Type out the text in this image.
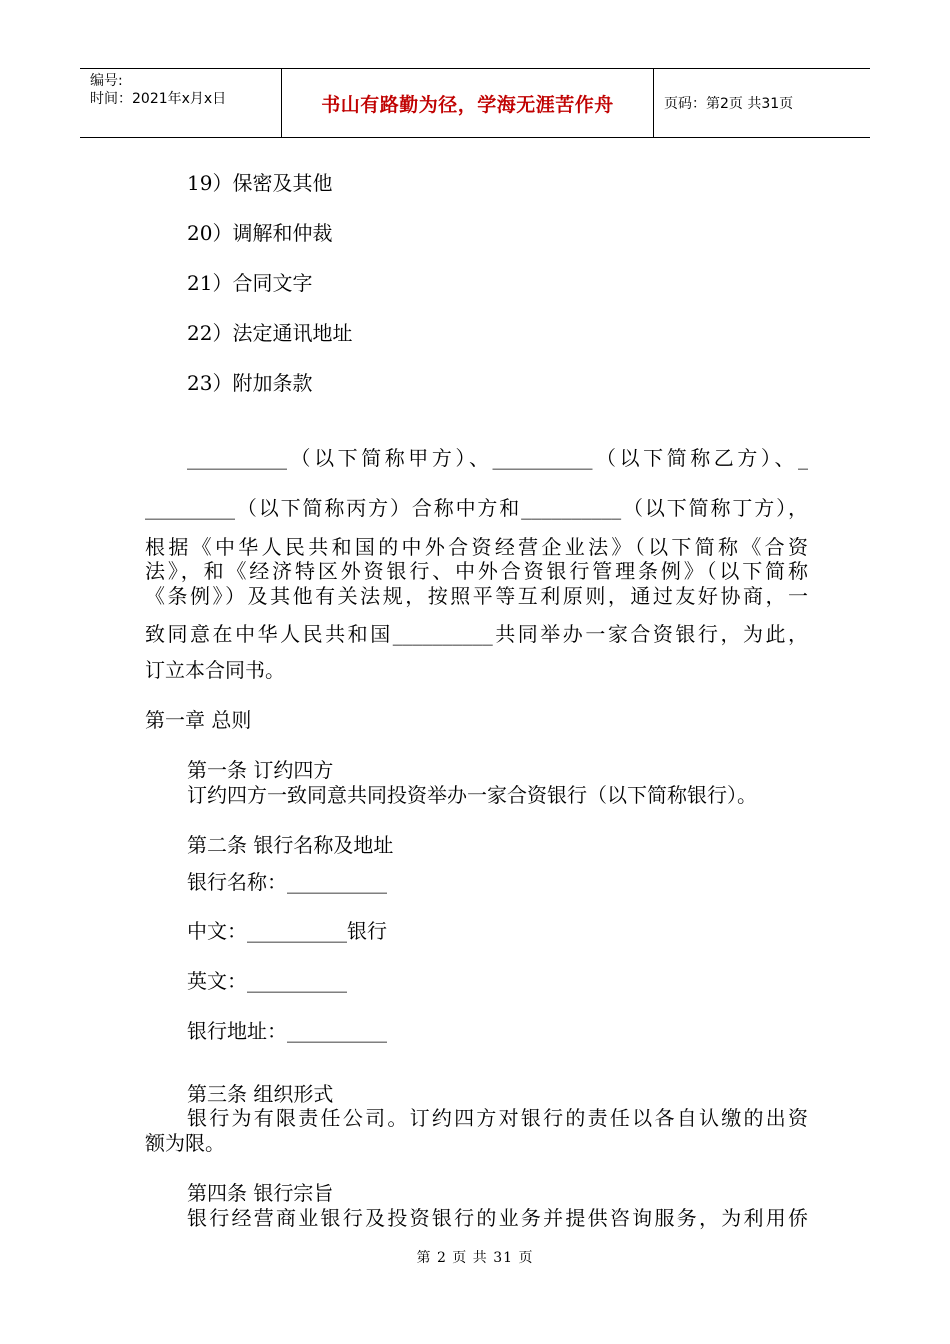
编号:
时间：2021年x月x日	书山有路勤为径，学海无涯苦作舟	页码：第2页 共31页
19）保密及其他
20）调解和仲裁
21）合同文字
22）法定通讯地址
23）附加条款
__________（以下简称甲方）、__________（以下简称乙方）、_
_________（以下简称丙方）合称中方和__________（以下简称丁方），
根据《中华人民共和国的中外合资经营企业法》（以下简称《合资
法》，和《经济特区外资银行、中外合资银行管理条例》（以下简称
《条例》）及其他有关法规，按照平等互利原则，通过友好协商，一
致同意在中华人民共和国__________共同举办一家合资银行，为此，
订立本合同书。
第一章 总则
第一条 订约四方
订约四方一致同意共同投资举办一家合资银行（以下简称银行）。
第二条 银行名称及地址
银行名称：__________
中文：__________银行
英文：__________
银行地址：__________
第三条 组织形式
银行为有限责任公司。订约四方对银行的责任以各自认缴的出资
额为限。
第四条 银行宗旨
银行经营商业银行及投资银行的业务并提供咨询服务，为利用侨
第 2 页 共 31 页
